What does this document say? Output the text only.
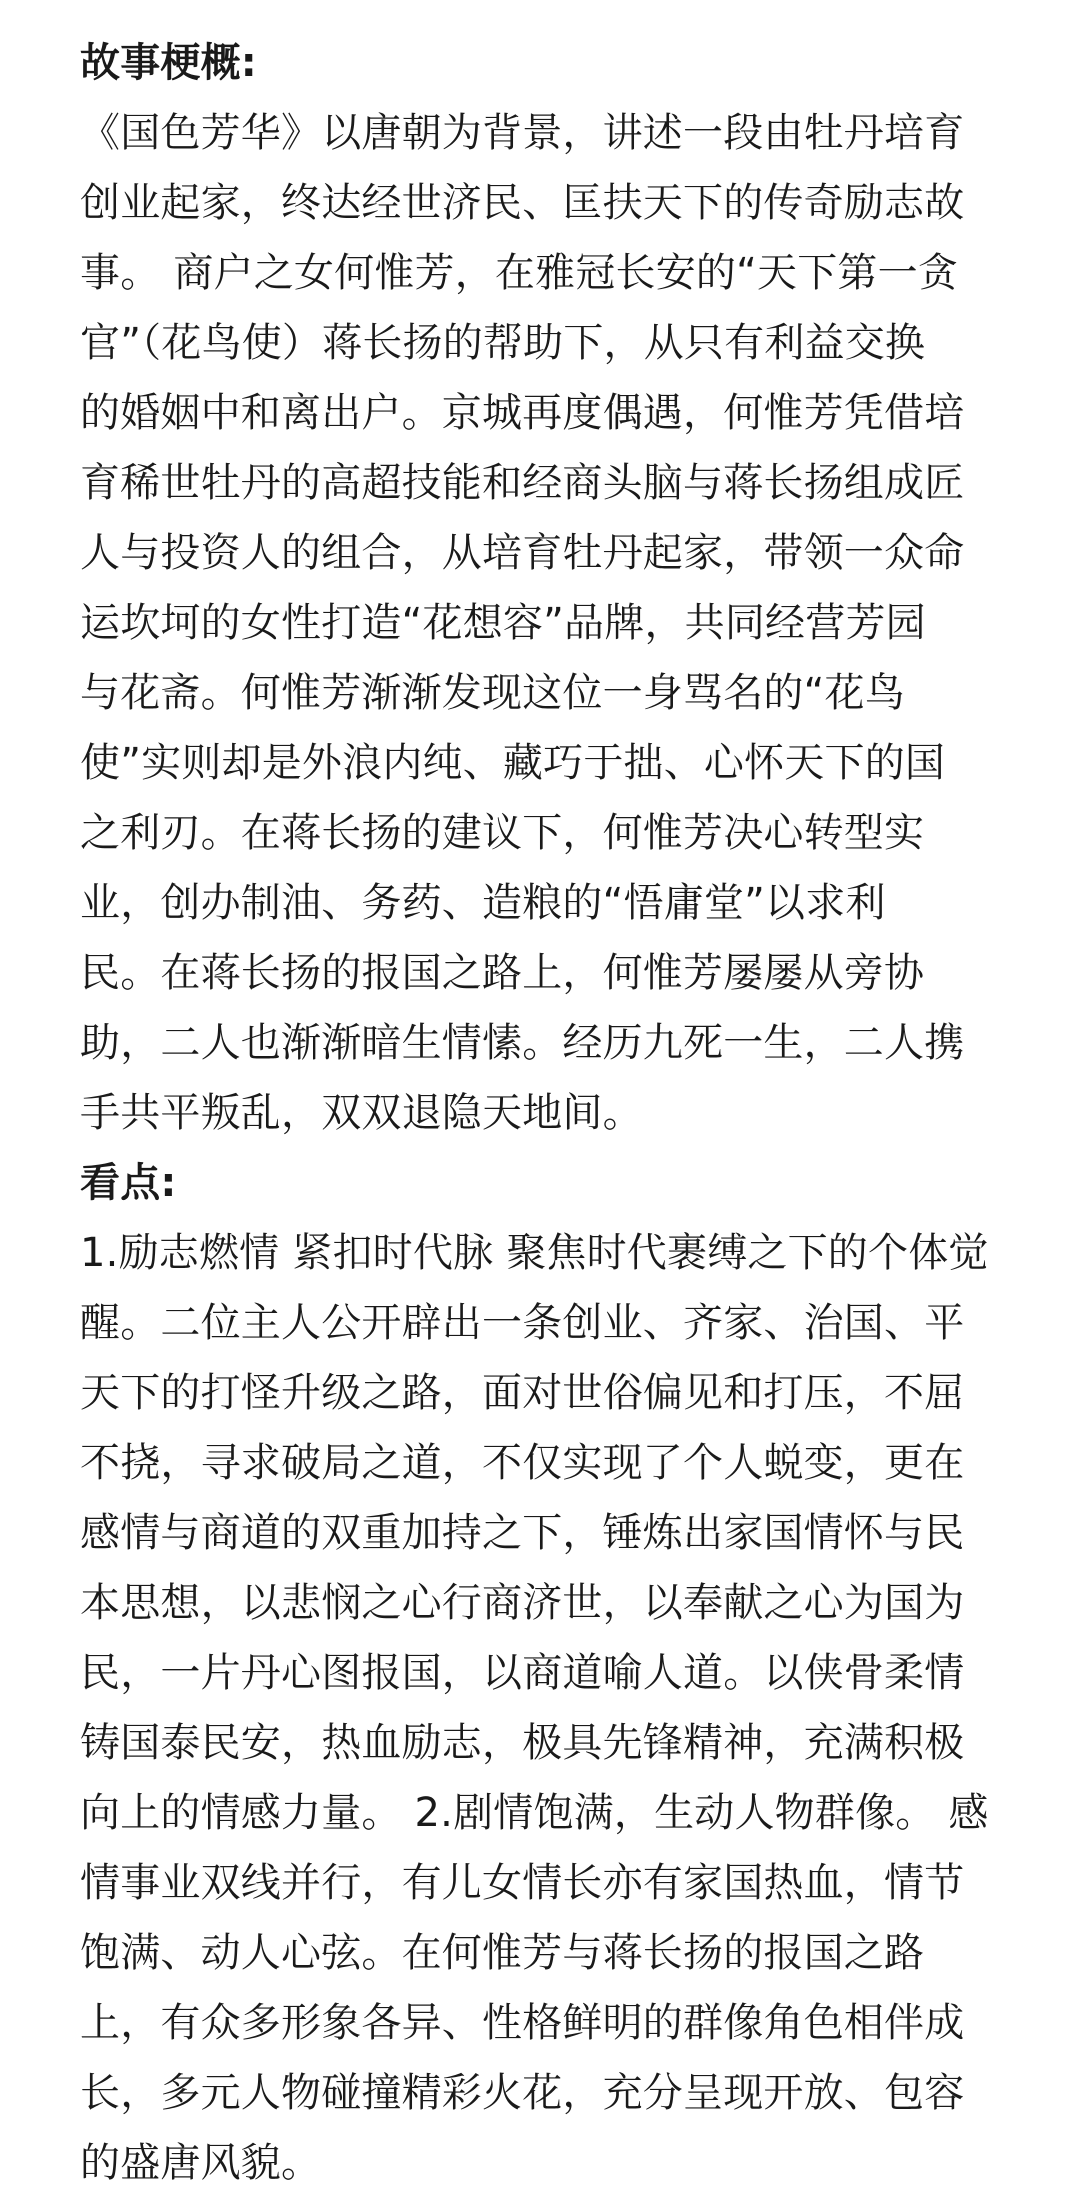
故事梗概:
《国色芳华》以唐朝为背景，讲述一段由牡丹培育
创业起家，终达经世济民、匡扶天下的传奇励志故
事。 商户之女何惟芳，在雅冠长安的“天下第一贪
官”（花鸟使）蒋长扬的帮助下，从只有利益交换
的婚姻中和离出户。京城再度偶遇，何惟芳凭借培
育稀世牡丹的高超技能和经商头脑与蒋长扬组成匠
人与投资人的组合，从培育牡丹起家，带领一众命
运坎坷的女性打造“花想容”品牌，共同经营芳园
与花斋。何惟芳渐渐发现这位一身骂名的“花鸟
使”实则却是外浪内纯、藏巧于拙、心怀天下的国
之利刃。在蒋长扬的建议下，何惟芳决心转型实
业，创办制油、务药、造粮的“悟庸堂”以求利
民。在蒋长扬的报国之路上，何惟芳屡屡从旁协
助，二人也渐渐暗生情愫。经历九死一生，二人携
手共平叛乱，双双退隐天地间。
看点:
1.励志燃情 紧扣时代脉 聚焦时代裹缚之下的个体觉
醒。二位主人公开辟出一条创业、齐家、治国、平
天下的打怪升级之路，面对世俗偏见和打压，不屈
不挠，寻求破局之道，不仅实现了个人蜕变，更在
感情与商道的双重加持之下，锤炼出家国情怀与民
本思想，以悲悯之心行商济世，以奉献之心为国为
民，一片丹心图报国，以商道喻人道。以侠骨柔情
铸国泰民安，热血励志，极具先锋精神，充满积极
向上的情感力量。 2.剧情饱满，生动人物群像。 感
情事业双线并行，有儿女情长亦有家国热血，情节
饱满、动人心弦。在何惟芳与蒋长扬的报国之路
上，有众多形象各异、性格鲜明的群像角色相伴成
长，多元人物碰撞精彩火花，充分呈现开放、包容
的盛唐风貌。
